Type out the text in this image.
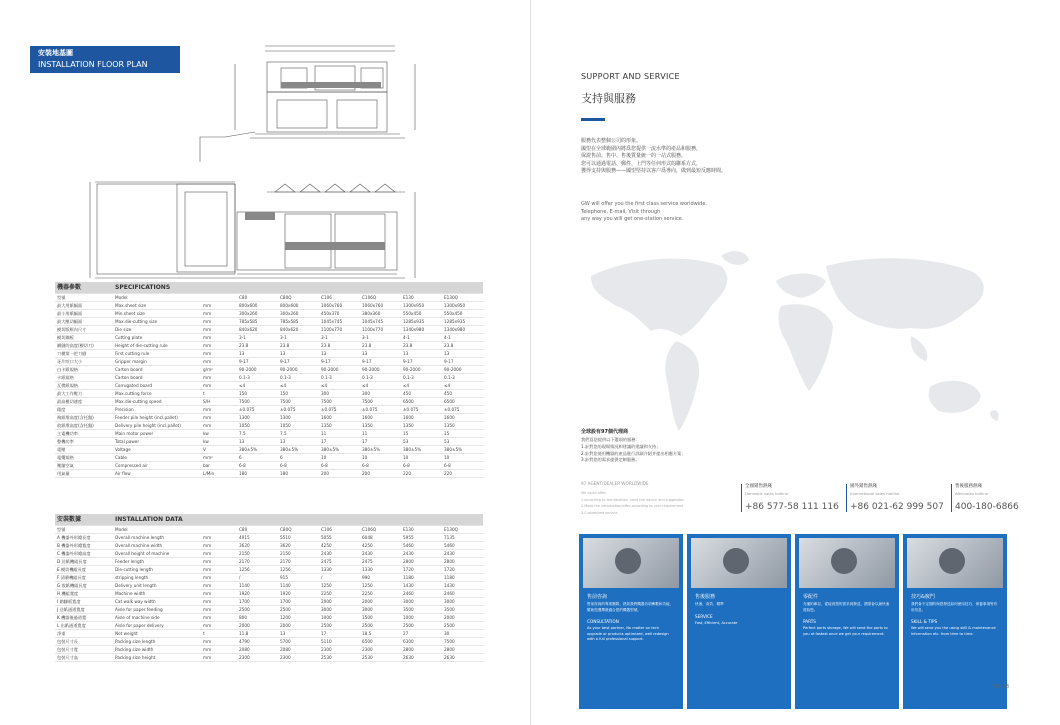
安裝地基圖
INSTALLATION FLOOR PLAN
機器參數	SPECIFICATIONS							
型號	Model		C80	C80Q	C106	C106Q	E130	E130Q
最大用紙幅面	Max.sheet size	mm	800x600	800x600	1060x760	1060x760	1300x950	1300x950
最小用紙幅面	Min.sheet size	mm	300x260	300x260	450x370	380x360	550x450	550x450
最大壓切幅面	Max.die-cutting size	mm	785x585	785x585	1045x745	1045x745	1285x935	1285x935
模切版框內尺寸	Die size	mm	840x620	840x620	1100x770	1100x770	1340x980	1340x980
模切鋼板	Cutting plate	mm	3-1	3-1	3-1	3-1	4-1	4-1
鋼縫的高度(模切刀)	Height of die-cutting rule	mm	23.8	23.8	23.8	23.8	23.8	23.8
刀模第一把刀縫	First cutting rule	mm	13	13	13	13	13	13
牙片咬口大小	Gripper margin	mm	9-17	9-17	9-17	9-17	9-17	9-17
白卡紙規格	Carton board	g/m²	90-2000	90-2000	90-2000	90-2000	90-2000	90-2000
卡紙規格	Carton board	mm	0.1-3	0.1-3	0.1-3	0.1-3	0.1-3	0.1-3
瓦楞紙規格	Corrugated board	mm	≤4	≤4	≤4	≤4	≤4	≤4
最大工作壓力	Max.cutting force	t	150	150	300	300	450	450
最高模切速度	Max.die-cutting speed	S/H	7500	7500	7500	7500	6500	6500
精度	Precision	mm	±0.075	±0.075	±0.075	±0.075	±0.075	±0.075
飛紙堆高度(含托盤)	Feeder pile height (incl.pallet)	mm	1300	1300	1600	1600	1600	1600
收紙堆高度(含托盤)	Delivery pile height (incl.pallet)	mm	1050	1050	1350	1350	1350	1350
主電機功率	Main motor power	kw	7.5	7.5	11	11	15	15
整機功率	Total power	kw	13	13	17	17	53	53
電壓	Voltage	V	380±5%	380±5%	380±5%	380±5%	380±5%	380±5%
電纜規格	Cable	mm²	6	6	10	10	10	10
壓縮空氣	Compressed air	bar	6-8	6-8	6-8	6-8	6-8	6-8
用氣量	Air flow	L/Min	180	180	200	200	220	220
安裝數據	INSTALLATION DATA							
型號	Model		C80	C80Q	C106	C106Q	E130	E130Q
A 機器外形總長度	Overall machine length	mm	4915	5510	5055	6048	5955	7135
B 機器外形總寬度	Overall machine width	mm	3620	3620	4250	4250	5460	5460
C 機器外形總高度	Overall height of machine	mm	2150	2150	2430	2430	2430	2430
D 送紙機組長度	Feeder length	mm	2170	2170	2475	2475	2800	2800
E 模切機組長度	Die-cutting length	mm	1256	1256	1330	1330	1720	1720
F 清廢機組長度	stripping length	mm	/	915	/	990	1180	1180
G 收紙機組長度	Delivery unit length	mm	1140	1140	1250	1250	1430	1430
H 機組寬度	Machine width	mm	1920	1920	2250	2250	2460	2460
I 踏腳板寬度	Cat walk way width	mm	1700	1700	2000	2000	3000	3000
J 送紙通道寬度	Aisle for paper feeding	mm	2500	2500	3000	3000	3500	3500
K 機器後過道寬	Aisle of machine side	mm	800	1200	1000	1500	1000	2000
L 出紙通道寬度	Aisle for paper delivery	mm	2000	2000	2500	2500	2500	2500
淨重	Net weight	t	11.8	13	17	18.5	27	30
包裝尺寸長	Packing size length	mm	4790	5700	5110	6500	6300	7500
包裝尺寸寬	Packing size width	mm	2080	2080	2300	2300	2800	2800
包裝尺寸高	Packing size height	mm	2300	2300	2530	2530	2630	2630
SUPPORT AND SERVICE
支持與服務
服務代表整個公司的形象。
國望在全球範圍內將爲您提供一流水準的產品和服務，
保證售前、售中、售後質量統一的一站式服務。
您可以通過電話、郵件、上門等任何形式的聯系方式，
獲得支持與服務——國望堅持以客户爲導向，做到最短反應時間。
GW will offer you the first class service worldwide.
Telephone, E-mail, Visit through
any way you will get one-station service.
全球設有97個代理商
我們爲您提供以下選項的服務：
1.針對您的現場情況和建議的建議和支持；
2.針對您使用機器的產品進行詳細介紹并提出相應方案；
3.針對您的需求提供定制服務。
97 AGENT/DEALER WORLDWIDE
We could offer:
1.According to the situation, send the advice and suggestion
2.Make the introduction/offer according to your requirement
3.Customized service
全國銷售熱綫
Domestic sales hotline
+86 577-58 111 116
國外銷售熱綫
International sales hotline
+86 021-62 999 507
售後服務熱綫
Aftersales hotline
400-180-6866
售前咨詢
售前咨詢的專業團隊，熟知我們機器各項參數和功能，幫助您選擇最適合您的機器型號。
CONSULTATION
As your best partner, No matter on tech upgrade or products optimized, well redesign with a full professional support.
售後服務
快速、高效、精準
SERVICE
Fast, Efficient, Accurate
零配件
充備的庫存，從接到您的需求到發送，國望會以最快速度給您。
PARTS
Perfect parts storage, We will send the parts to you at fastest once we get your requirement.
技巧&竅門
我們會不定期的與您發送如何使用技巧、保養事項等有用信息。
SKILL & TIPS
We will send you the using skill & maintenance information etc. from time to time.
17-18
